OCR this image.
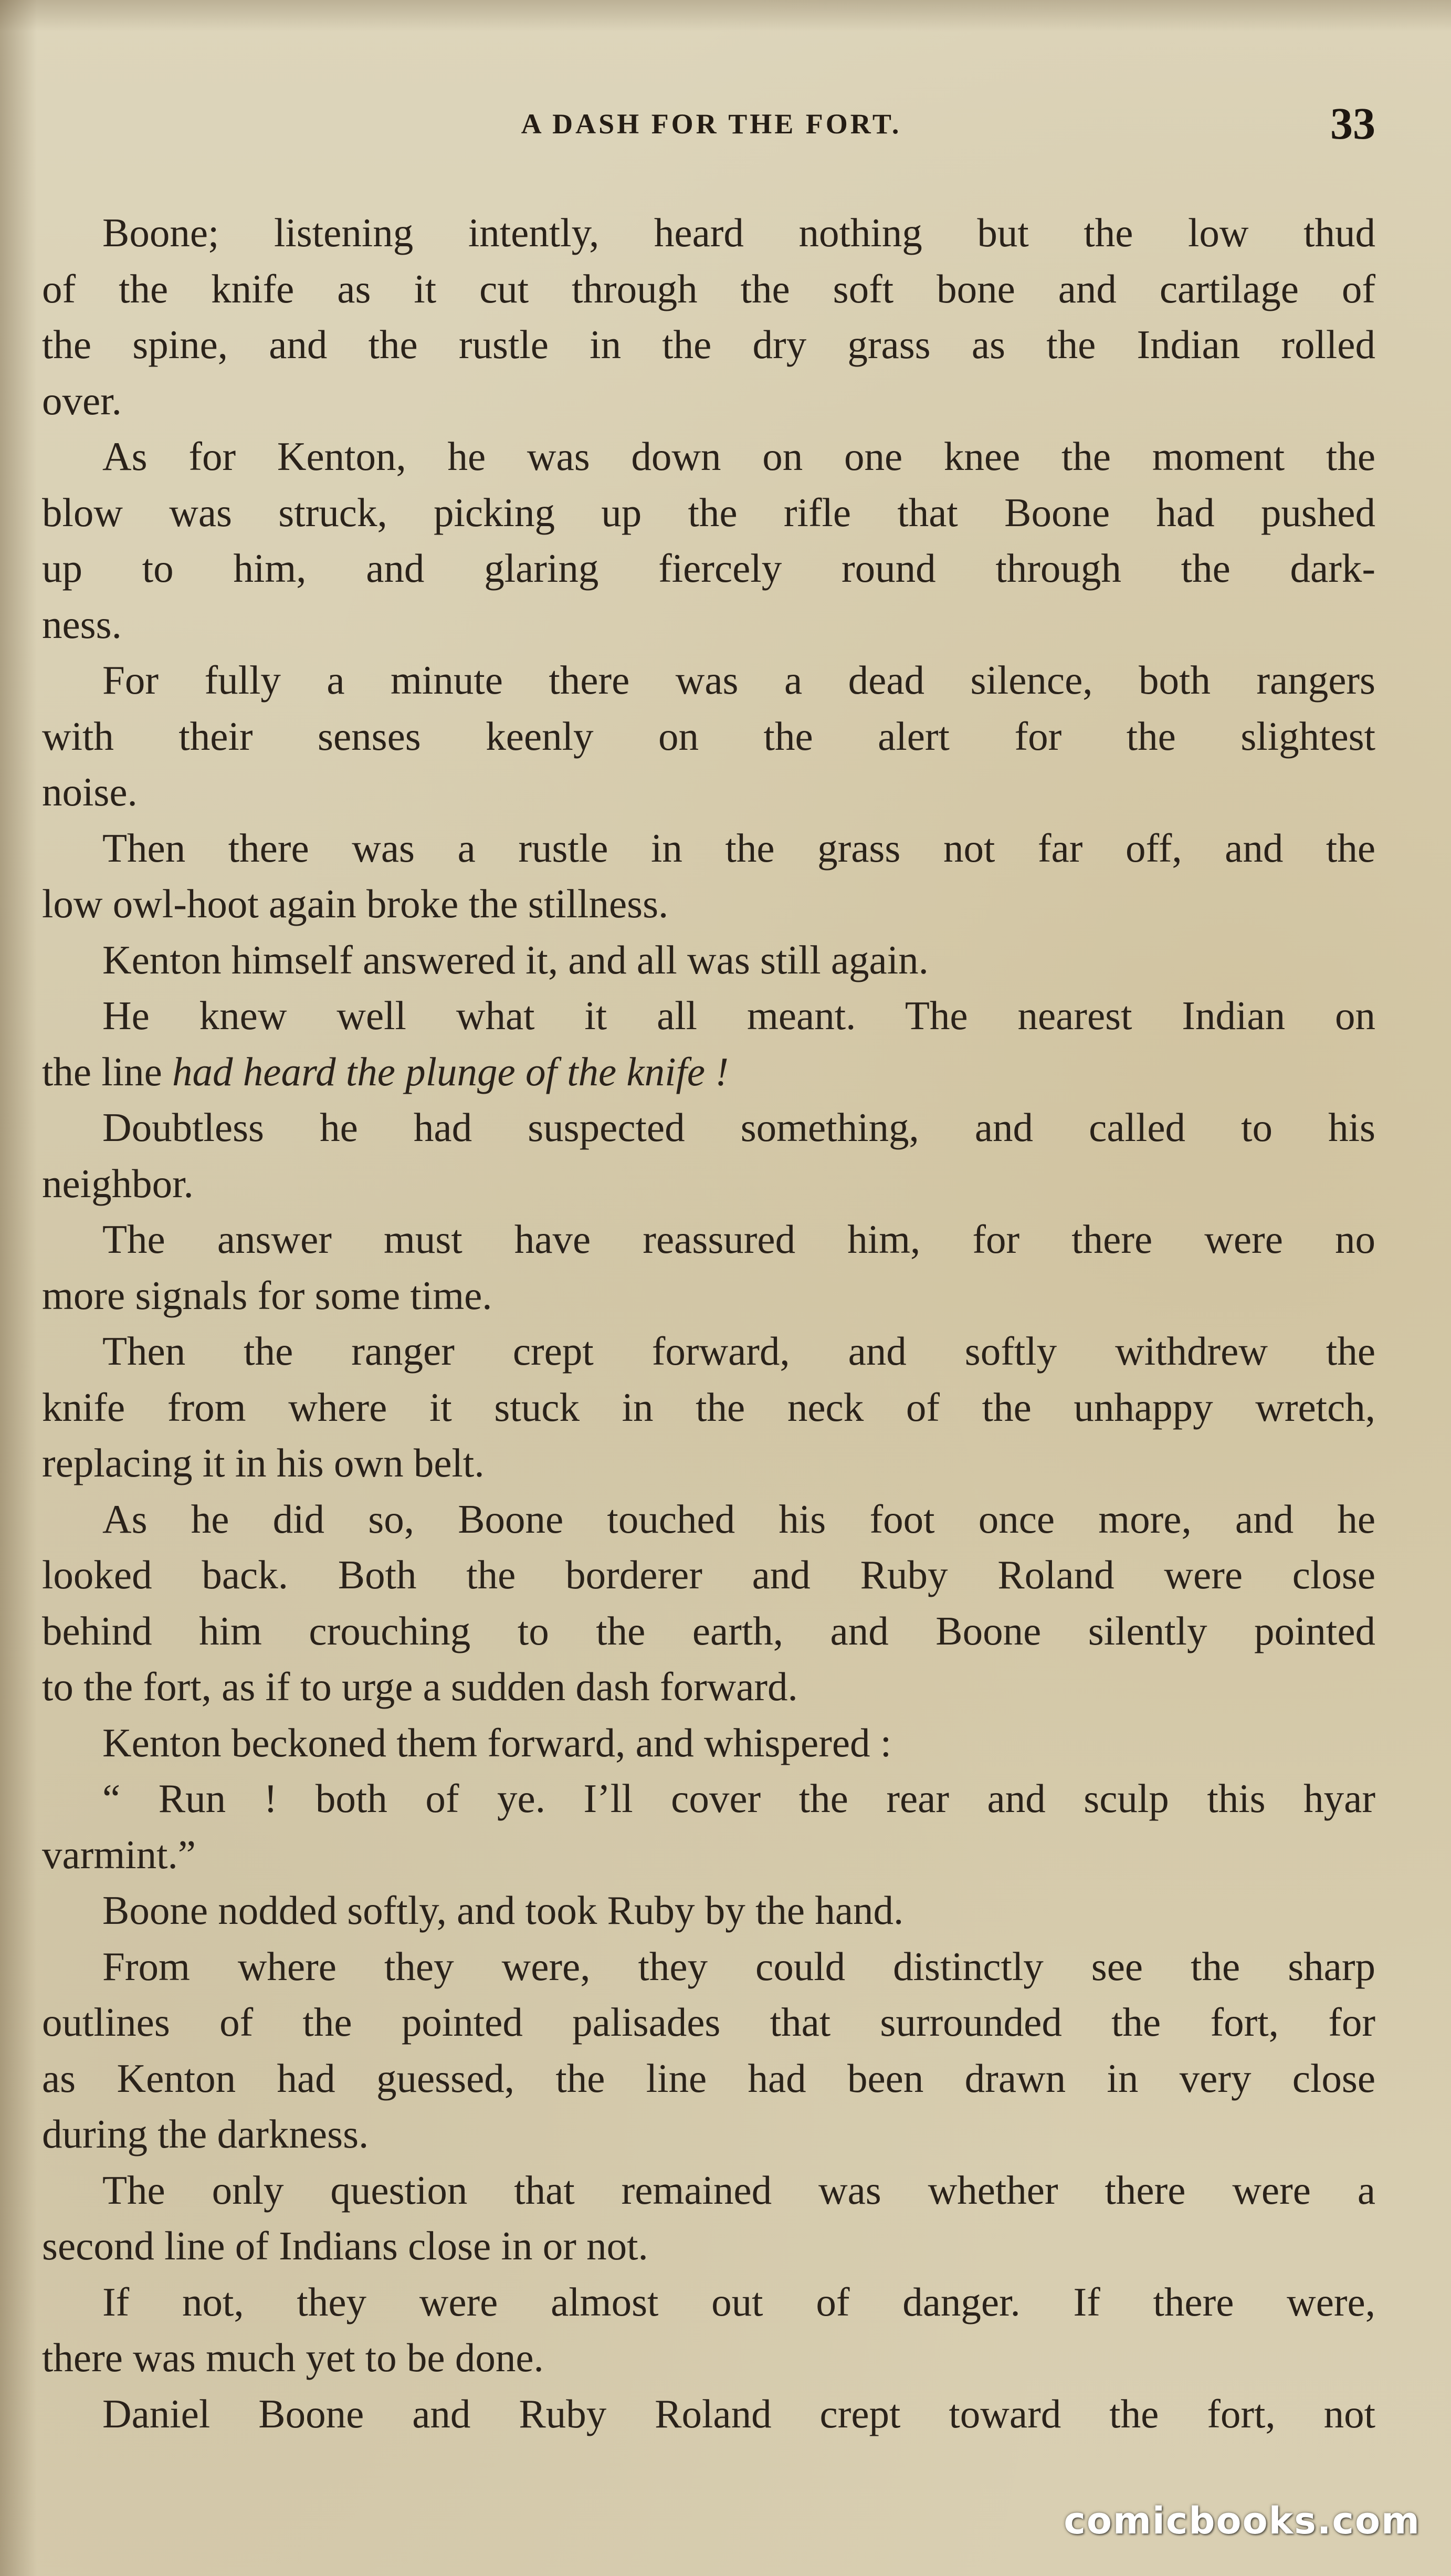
A DASH FOR THE FORT.	33
Boone; listening intently, heard nothing but the low thud
of the knife as it cut through the soft bone and cartilage of
the spine, and the rustle in the dry grass as the Indian rolled
over.
As for Kenton, he was down on one knee the moment the
blow was struck, picking up the rifle that Boone had pushed
up to him, and glaring fiercely round through the dark-
ness.
For fully a minute there was a dead silence, both rangers
with their senses keenly on the alert for the slightest
noise.
Then there was a rustle in the grass not far off, and the
low owl-hoot again broke the stillness.
Kenton himself answered it, and all was still again.
He knew well what it all meant. The nearest Indian on
the line had heard the plunge of the knife !
Doubtless he had suspected something, and called to his
neighbor.
The answer must have reassured him, for there were no
more signals for some time.
Then the ranger crept forward, and softly withdrew the
knife from where it stuck in the neck of the unhappy wretch,
replacing it in his own belt.
As he did so, Boone touched his foot once more, and he
looked back. Both the borderer and Ruby Roland were close
behind him crouching to the earth, and Boone silently pointed
to the fort, as if to urge a sudden dash forward.
Kenton beckoned them forward, and whispered :
“ Run ! both of ye. I’ll cover the rear and sculp this hyar
varmint.”
Boone nodded softly, and took Ruby by the hand.
From where they were, they could distinctly see the sharp
outlines of the pointed palisades that surrounded the fort, for
as Kenton had guessed, the line had been drawn in very close
during the darkness.
The only question that remained was whether there were a
second line of Indians close in or not.
If not, they were almost out of danger. If there were,
there was much yet to be done.
Daniel Boone and Ruby Roland crept toward the fort, not
comicbooks.com
